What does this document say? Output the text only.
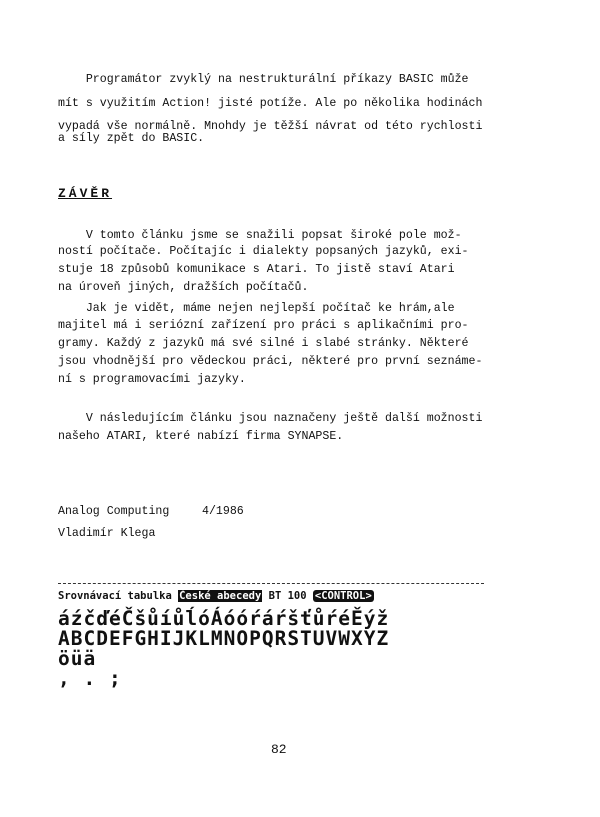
Programátor zvyklý na nestrukturální příkazy BASIC může
mít s využitím Action! jisté potíže. Ale po několika hodinách
vypadá vše normálně. Mnohdy je těžší návrat od této rychlosti
a síly zpět do BASIC.
ZÁVĚR
V tomto článku jsme se snažili popsat široké pole mož-
ností počítače. Počítajíc i dialekty popsaných jazyků, exi-
stuje 18 způsobů komunikace s Atari. To jistě staví Atari
na úroveň jiných, dražších počítačů.
Jak je vidět, máme nejen nejlepší počítač ke hrám,ale
majitel má i seriózní zařízení pro práci s aplikačními pro-
gramy. Každý z jazyků má své silné i slabé stránky. Některé
jsou vhodnější pro vědeckou práci, některé pro první seznáme-
ní s programovacími jazyky.
V následujícím článku jsou naznačeny ještě další možnosti
našeho ATARI, které nabízí firma SYNAPSE.
Analog Computing	4/1986
Vladimír Klega
Srovnávací tabulka České abecedy BT 100 <CONTROL>
áźčďéČšůíůĺóÁóóŕáŕšťůŕéĚýž
ABCDEFGHIJKLMNOPQRSTUVWXYZ
öüä
, . ;
82
